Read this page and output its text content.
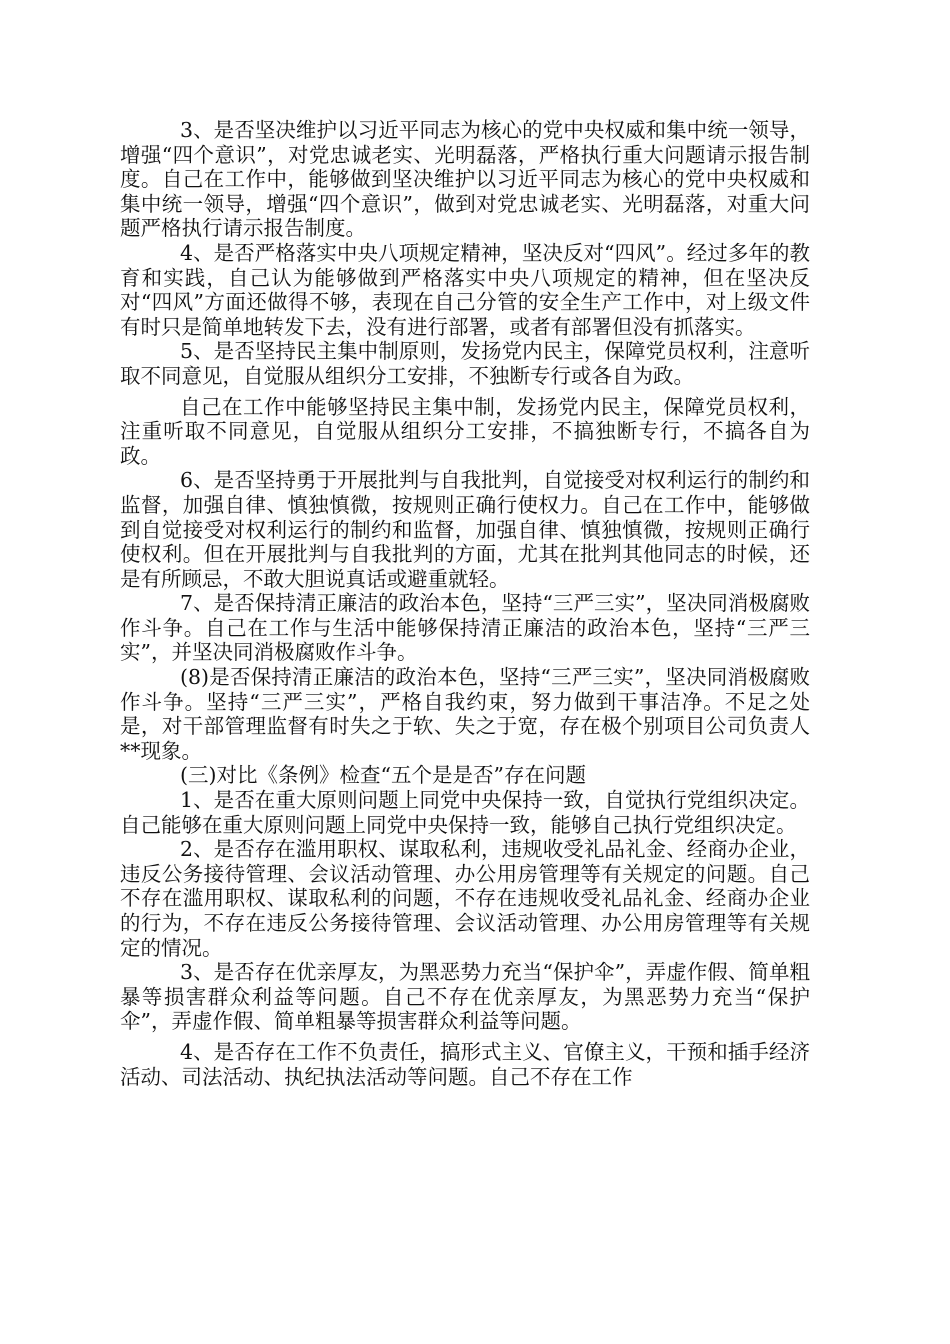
3、是否坚决维护以习近平同志为核心的党中央权威和集中统一领导，增强“四个意识”，对党忠诚老实、光明磊落，严格执行重大问题请示报告制度。自己在工作中，能够做到坚决维护以习近平同志为核心的党中央权威和集中统一领导，增强“四个意识”，做到对党忠诚老实、光明磊落，对重大问题严格执行请示报告制度。

4、是否严格落实中央八项规定精神，坚决反对“四风”。经过多年的教育和实践，自己认为能够做到严格落实中央八项规定的精神，但在坚决反对“四风”方面还做得不够，表现在自己分管的安全生产工作中，对上级文件有时只是简单地转发下去，没有进行部署，或者有部署但没有抓落实。

5、是否坚持民主集中制原则，发扬党内民主，保障党员权利，注意听取不同意见，自觉服从组织分工安排，不独断专行或各自为政。

自己在工作中能够坚持民主集中制，发扬党内民主，保障党员权利，注重听取不同意见，自觉服从组织分工安排，不搞独断专行，不搞各自为政。

6、是否坚持勇于开展批判与自我批判，自觉接受对权利运行的制约和监督，加强自律、慎独慎微，按规则正确行使权力。自己在工作中，能够做到自觉接受对权利运行的制约和监督，加强自律、慎独慎微，按规则正确行使权利。但在开展批判与自我批判的方面，尤其在批判其他同志的时候，还是有所顾忌，不敢大胆说真话或避重就轻。

7、是否保持清正廉洁的政治本色，坚持“三严三实”，坚决同消极腐败作斗争。自己在工作与生活中能够保持清正廉洁的政治本色，坚持“三严三实”，并坚决同消极腐败作斗争。

(8)是否保持清正廉洁的政治本色，坚持“三严三实”，坚决同消极腐败作斗争。坚持“三严三实”，严格自我约束，努力做到干事洁净。不足之处是，对干部管理监督有时失之于软、失之于宽，存在极个别项目公司负责人**现象。

(三)对比《条例》检查“五个是是否”存在问题

1、是否在重大原则问题上同党中央保持一致，自觉执行党组织决定。自己能够在重大原则问题上同党中央保持一致，能够自己执行党组织决定。

2、是否存在滥用职权、谋取私利，违规收受礼品礼金、经商办企业，违反公务接待管理、会议活动管理、办公用房管理等有关规定的问题。自己不存在滥用职权、谋取私利的问题，不存在违规收受礼品礼金、经商办企业的行为，不存在违反公务接待管理、会议活动管理、办公用房管理等有关规定的情况。

3、是否存在优亲厚友，为黑恶势力充当“保护伞”，弄虚作假、简单粗暴等损害群众利益等问题。自己不存在优亲厚友，为黑恶势力充当“保护伞”，弄虚作假、简单粗暴等损害群众利益等问题。

4、是否存在工作不负责任，搞形式主义、官僚主义，干预和插手经济活动、司法活动、执纪执法活动等问题。自己不存在工作
